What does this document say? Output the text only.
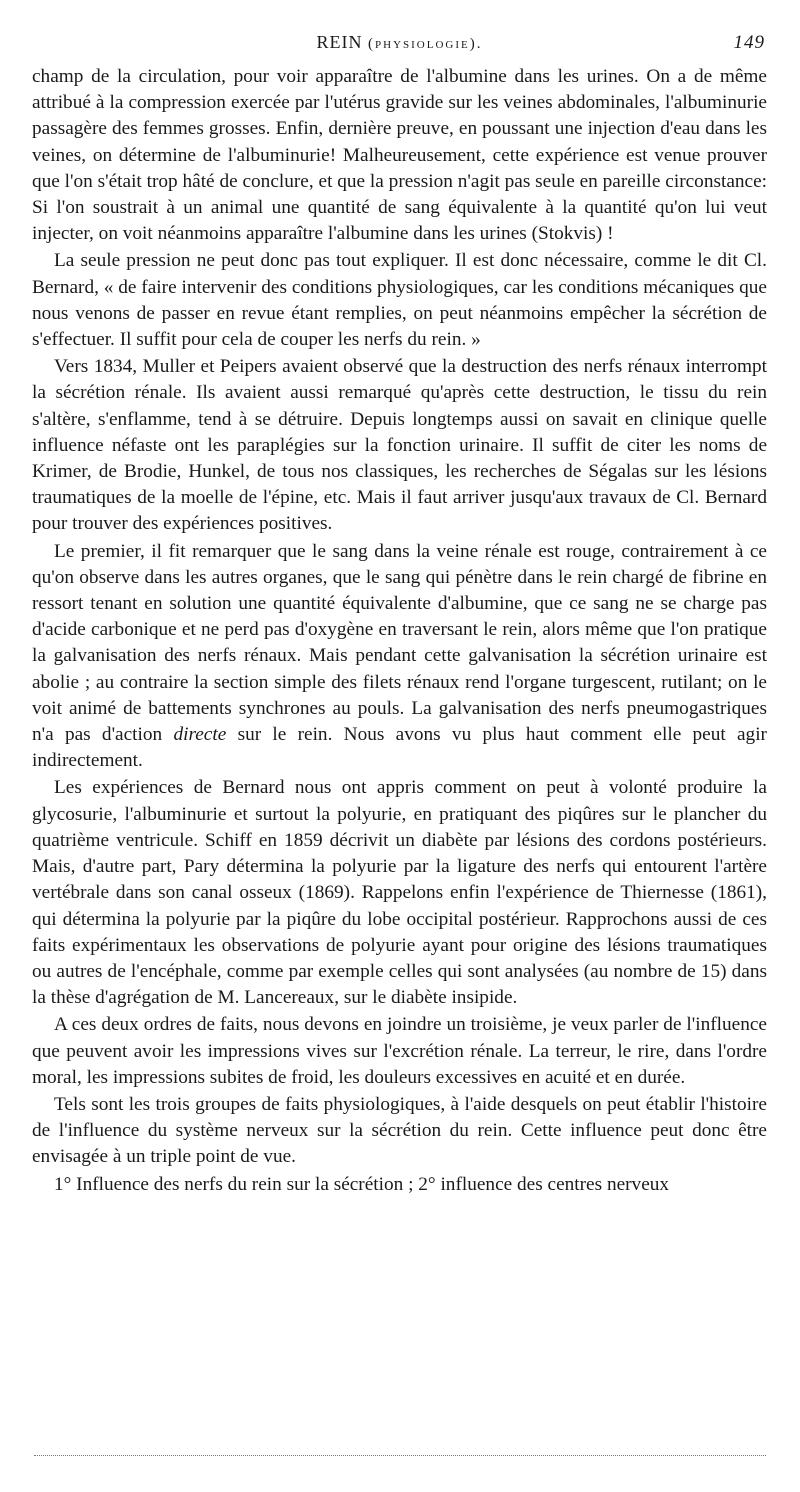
REIN (physiologie).	149

champ de la circulation, pour voir apparaître de l'albumine dans les urines. On a de même attribué à la compression exercée par l'utérus gravide sur les veines abdominales, l'albuminurie passagère des femmes grosses. Enfin, dernière preuve, en poussant une injection d'eau dans les veines, on détermine de l'albuminurie! Malheureusement, cette expérience est venue prouver que l'on s'était trop hâté de conclure, et que la pression n'agit pas seule en pareille circonstance: Si l'on soustrait à un animal une quantité de sang équivalente à la quantité qu'on lui veut injecter, on voit néanmoins apparaître l'albumine dans les urines (Stokvis) !

La seule pression ne peut donc pas tout expliquer. Il est donc nécessaire, comme le dit Cl. Bernard, « de faire intervenir des conditions physiologiques, car les conditions mécaniques que nous venons de passer en revue étant remplies, on peut néanmoins empêcher la sécrétion de s'effectuer. Il suffit pour cela de couper les nerfs du rein. »

Vers 1834, Muller et Peipers avaient observé que la destruction des nerfs rénaux interrompt la sécrétion rénale. Ils avaient aussi remarqué qu'après cette destruction, le tissu du rein s'altère, s'enflamme, tend à se détruire. Depuis longtemps aussi on savait en clinique quelle influence néfaste ont les paraplégies sur la fonction urinaire. Il suffit de citer les noms de Krimer, de Brodie, Hunkel, de tous nos classiques, les recherches de Ségalas sur les lésions traumatiques de la moelle de l'épine, etc. Mais il faut arriver jusqu'aux travaux de Cl. Bernard pour trouver des expériences positives.

Le premier, il fit remarquer que le sang dans la veine rénale est rouge, contrairement à ce qu'on observe dans les autres organes, que le sang qui pénètre dans le rein chargé de fibrine en ressort tenant en solution une quantité équivalente d'albumine, que ce sang ne se charge pas d'acide carbonique et ne perd pas d'oxygène en traversant le rein, alors même que l'on pratique la galvanisation des nerfs rénaux. Mais pendant cette galvanisation la sécrétion urinaire est abolie ; au contraire la section simple des filets rénaux rend l'organe turgescent, rutilant; on le voit animé de battements synchrones au pouls. La galvanisation des nerfs pneumogastriques n'a pas d'action directe sur le rein. Nous avons vu plus haut comment elle peut agir indirectement.

Les expériences de Bernard nous ont appris comment on peut à volonté produire la glycosurie, l'albuminurie et surtout la polyurie, en pratiquant des piqûres sur le plancher du quatrième ventricule. Schiff en 1859 décrivit un diabète par lésions des cordons postérieurs. Mais, d'autre part, Pary détermina la polyurie par la ligature des nerfs qui entourent l'artère vertébrale dans son canal osseux (1869). Rappelons enfin l'expérience de Thiernesse (1861), qui détermina la polyurie par la piqûre du lobe occipital postérieur. Rapprochons aussi de ces faits expérimentaux les observations de polyurie ayant pour origine des lésions traumatiques ou autres de l'encéphale, comme par exemple celles qui sont analysées (au nombre de 15) dans la thèse d'agrégation de M. Lancereaux, sur le diabète insipide.

A ces deux ordres de faits, nous devons en joindre un troisième, je veux parler de l'influence que peuvent avoir les impressions vives sur l'excrétion rénale. La terreur, le rire, dans l'ordre moral, les impressions subites de froid, les douleurs excessives en acuité et en durée.

Tels sont les trois groupes de faits physiologiques, à l'aide desquels on peut établir l'histoire de l'influence du système nerveux sur la sécrétion du rein. Cette influence peut donc être envisagée à un triple point de vue.

1° Influence des nerfs du rein sur la sécrétion ; 2° influence des centres nerveux
